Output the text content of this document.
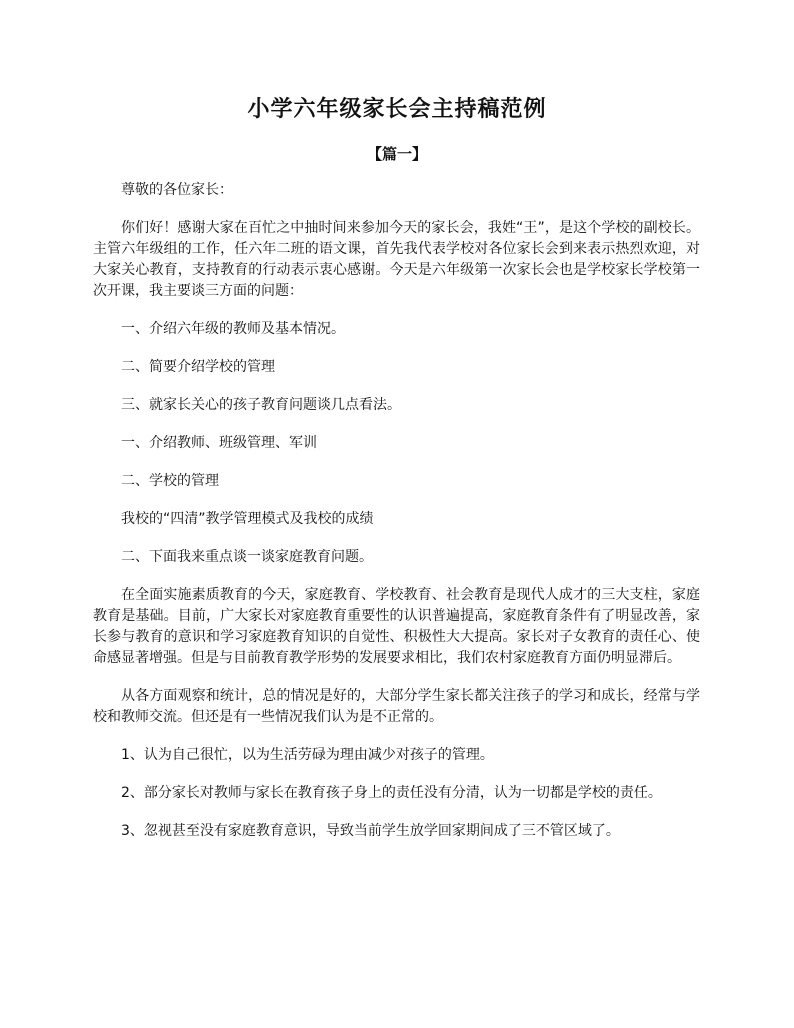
小学六年级家长会主持稿范例
【篇一】

尊敬的各位家长：

你们好！感谢大家在百忙之中抽时间来参加今天的家长会，我姓“王”，是这个学校的副校长。主管六年级组的工作，任六年二班的语文课，首先我代表学校对各位家长会到来表示热烈欢迎，对大家关心教育，支持教育的行动表示衷心感谢。今天是六年级第一次家长会也是学校家长学校第一次开课，我主要谈三方面的问题：

一、介绍六年级的教师及基本情况。

二、简要介绍学校的管理

三、就家长关心的孩子教育问题谈几点看法。

一、介绍教师、班级管理、军训

二、学校的管理

我校的“四清”教学管理模式及我校的成绩

二、下面我来重点谈一谈家庭教育问题。

在全面实施素质教育的今天，家庭教育、学校教育、社会教育是现代人成才的三大支柱，家庭教育是基础。目前，广大家长对家庭教育重要性的认识普遍提高，家庭教育条件有了明显改善，家长参与教育的意识和学习家庭教育知识的自觉性、积极性大大提高。家长对子女教育的责任心、使命感显著增强。但是与目前教育教学形势的发展要求相比，我们农村家庭教育方面仍明显滞后。

从各方面观察和统计，总的情况是好的，大部分学生家长都关注孩子的学习和成长，经常与学校和教师交流。但还是有一些情况我们认为是不正常的。

1、认为自己很忙，以为生活劳碌为理由减少对孩子的管理。

2、部分家长对教师与家长在教育孩子身上的责任没有分清，认为一切都是学校的责任。

3、忽视甚至没有家庭教育意识，导致当前学生放学回家期间成了三不管区域了。
